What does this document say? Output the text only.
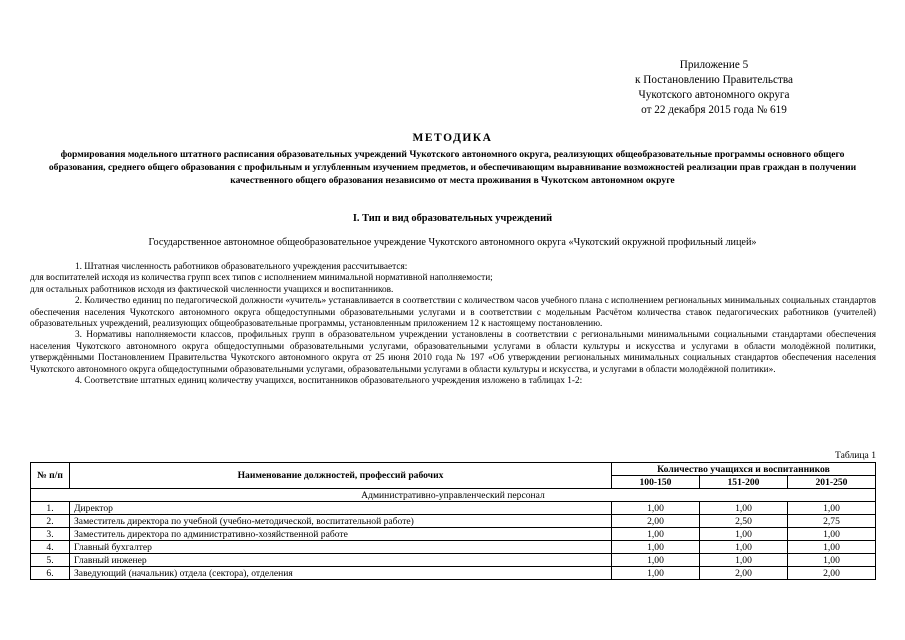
Приложение 5
к Постановлению Правительства
Чукотского автономного округа
от 22 декабря 2015 года № 619
МЕТОДИКА
формирования модельного штатного расписания образовательных учреждений Чукотского автономного округа, реализующих общеобразовательные программы основного общего образования, среднего общего образования с профильным и углубленным изучением предметов, и обеспечивающим выравнивание возможностей реализации прав граждан в получении качественного общего образования независимо от места проживания в Чукотском автономном округе
I. Тип и вид образовательных учреждений
Государственное автономное общеобразовательное учреждение Чукотского автономного округа «Чукотский окружной профильный лицей»

1. Штатная численность работников образовательного учреждения рассчитывается:

для воспитателей исходя из количества групп всех типов с исполнением минимальной нормативной наполняемости;

для остальных работников исходя из фактической численности учащихся и воспитанников.

2. Количество единиц по педагогической должности «учитель» устанавливается в соответствии с количеством часов учебного плана с исполнением региональных минимальных социальных стандартов обеспечения населения Чукотского автономного округа общедоступными образовательными услугами и в соответствии с модельным Расчётом количества ставок педагогических работников (учителей) образовательных учреждений, реализующих общеобразовательные программы, установленным приложением 12 к настоящему постановлению.

3. Нормативы наполняемости классов, профильных групп в образовательном учреждении установлены в соответствии с региональными минимальными социальными стандартами обеспечения населения Чукотского автономного округа общедоступными образовательными услугами, образовательными услугами в области культуры и искусства и услугами в области молодёжной политики, утверждёнными Постановлением Правительства Чукотского автономного округа от 25 июня 2010 года № 197 «Об утверждении региональных минимальных социальных стандартов обеспечения населения Чукотского автономного округа общедоступными образовательными услугами, образовательными услугами в области культуры и искусства, и услугами в области молодёжной политики».

4. Соответствие штатных единиц количеству учащихся, воспитанников образовательного учреждения изложено в таблицах 1-2:

Таблица 1
№ п/п	Наименование должностей, профессий рабочих	Количество учащихся и воспитанников		
		100-150	151-200	201-250
Административно-управленческий персонал				
1.	Директор	1,00	1,00	1,00
2.	Заместитель директора по учебной (учебно-методической, воспитательной работе)	2,00	2,50	2,75
3.	Заместитель директора по административно-хозяйственной работе	1,00	1,00	1,00
4.	Главный бухгалтер	1,00	1,00	1,00
5.	Главный инженер	1,00	1,00	1,00
6.	Заведующий (начальник) отдела (сектора), отделения	1,00	2,00	2,00
